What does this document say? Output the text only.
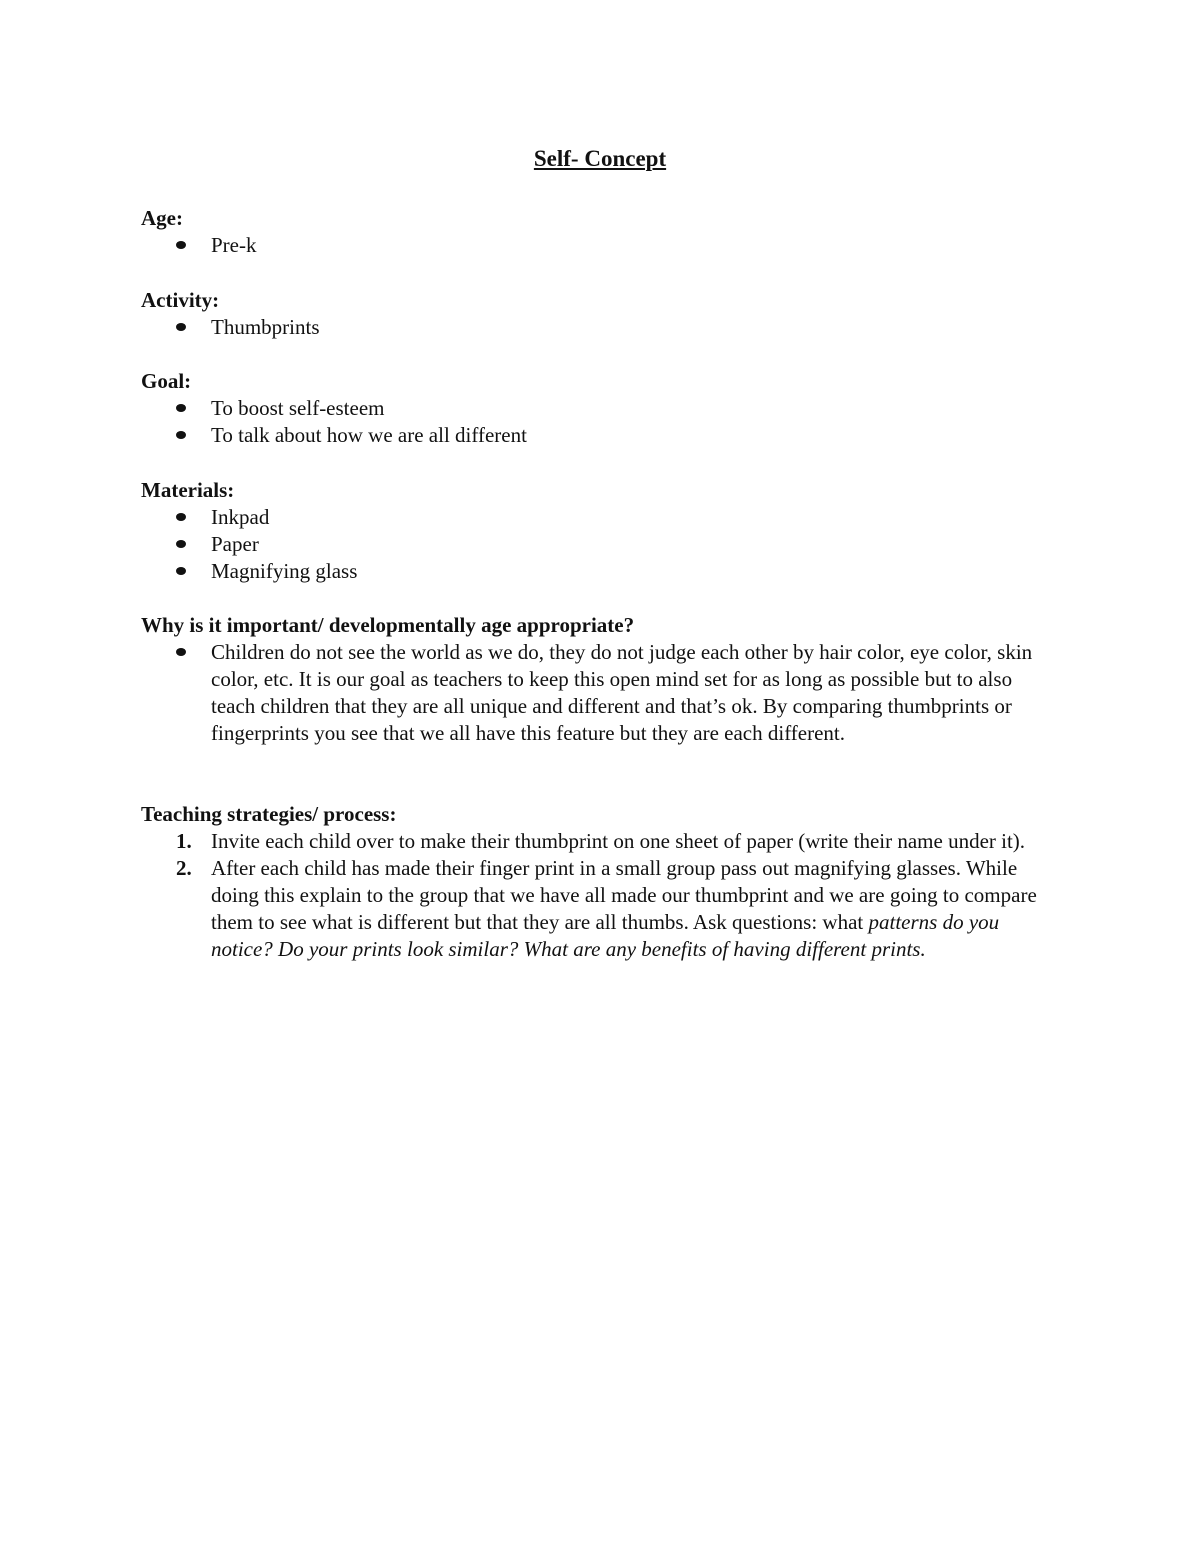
Self- Concept
Age:
Pre-k
Activity:
Thumbprints
Goal:
To boost self-esteem
To talk about how we are all different
Materials:
Inkpad
Paper
Magnifying glass
Why is it important/ developmentally age appropriate?
Children do not see the world as we do, they do not judge each other by hair color, eye color, skin color, etc. It is our goal as teachers to keep this open mind set for as long as possible but to also teach children that they are all unique and different and that’s ok. By comparing thumbprints or fingerprints you see that we all have this feature but they are each different.
Teaching strategies/ process:
1. Invite each child over to make their thumbprint on one sheet of paper (write their name under it).
2. After each child has made their finger print in a small group pass out magnifying glasses. While doing this explain to the group that we have all made our thumbprint and we are going to compare them to see what is different but that they are all thumbs. Ask questions: what patterns do you notice? Do your prints look similar? What are any benefits of having different prints.
